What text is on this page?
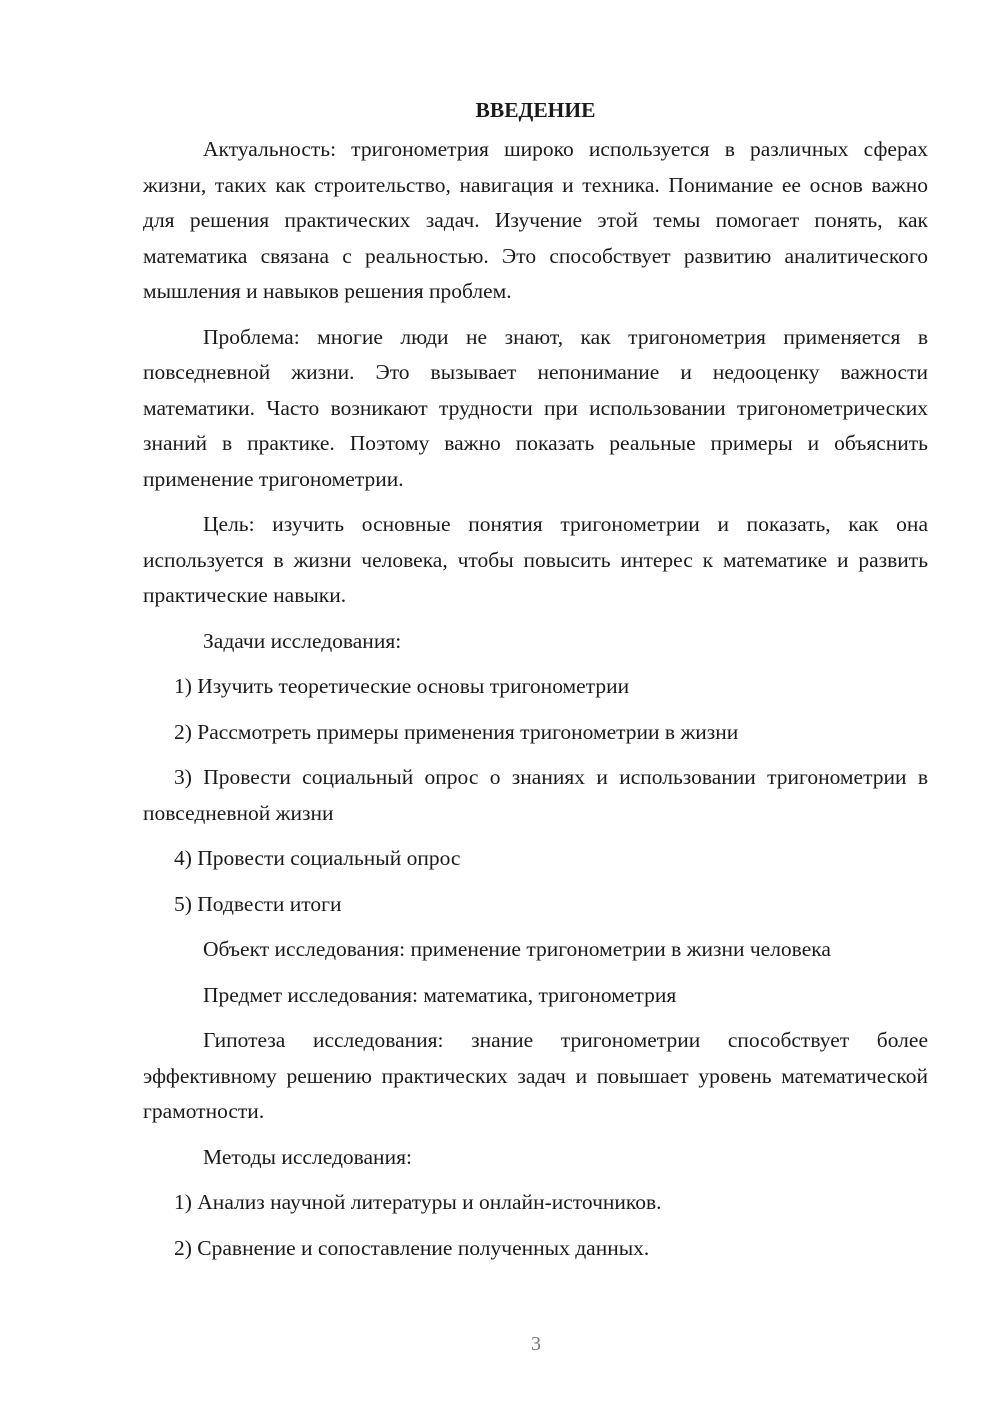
ВВЕДЕНИЕ

Актуальность: тригонометрия широко используется в различных сферах жизни, таких как строительство, навигация и техника. Понимание ее основ важно для решения практических задач. Изучение этой темы помогает понять, как математика связана с реальностью. Это способствует развитию аналитического мышления и навыков решения проблем.

Проблема: многие люди не знают, как тригонометрия применяется в повседневной жизни. Это вызывает непонимание и недооценку важности математики. Часто возникают трудности при использовании тригонометрических знаний в практике. Поэтому важно показать реальные примеры и объяснить применение тригонометрии.

Цель: изучить основные понятия тригонометрии и показать, как она используется в жизни человека, чтобы повысить интерес к математике и развить практические навыки.

Задачи исследования:

1) Изучить теоретические основы тригонометрии

2) Рассмотреть примеры применения тригонометрии в жизни

3) Провести социальный опрос о знаниях и использовании тригонометрии в повседневной жизни

4) Провести социальный опрос

5) Подвести итоги

Объект исследования: применение тригонометрии в жизни человека

Предмет исследования: математика, тригонометрия

Гипотеза исследования: знание тригонометрии способствует более эффективному решению практических задач и повышает уровень математической грамотности.

Методы исследования:

1) Анализ научной литературы и онлайн-источников.

2) Сравнение и сопоставление полученных данных.

3
